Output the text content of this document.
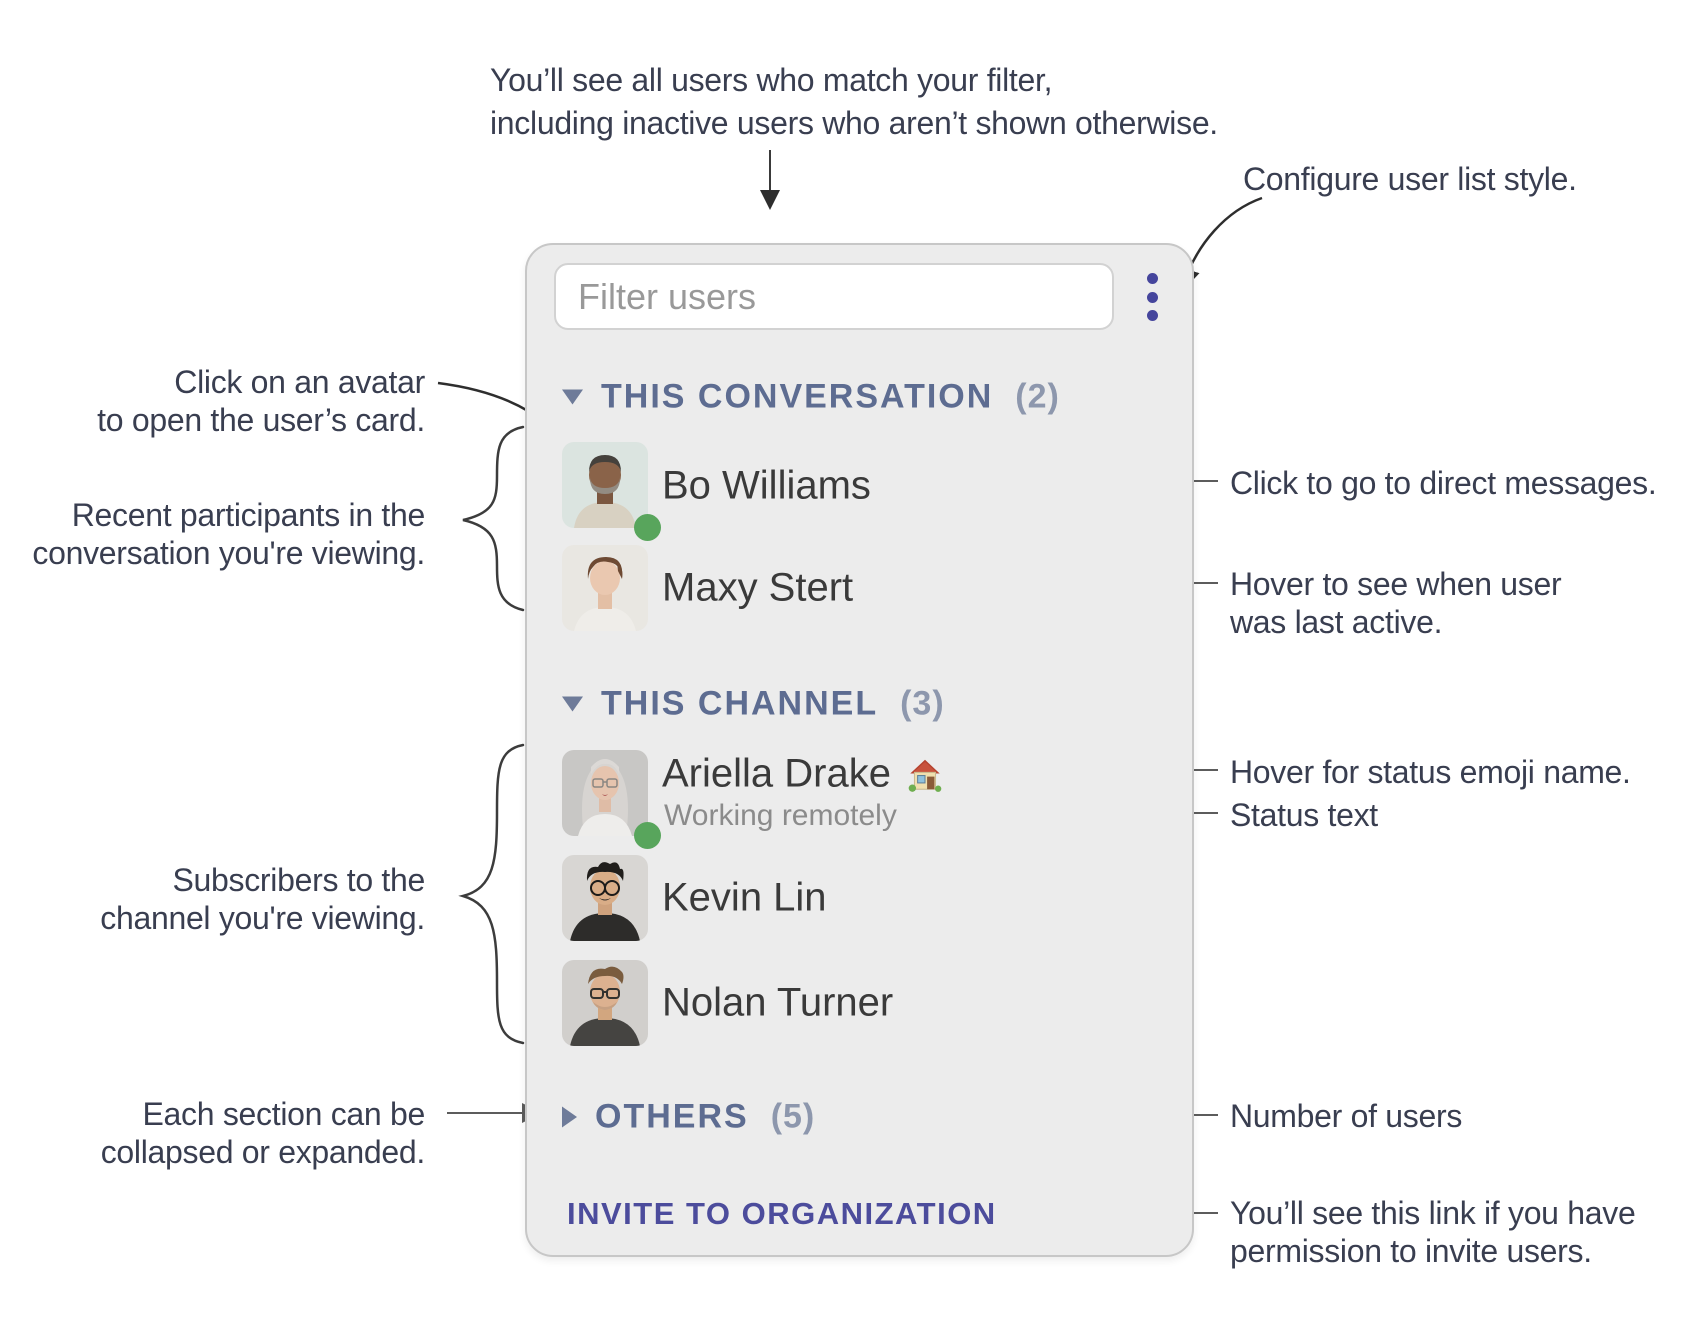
You’ll see all users who match your filter,
including inactive users who aren’t shown otherwise.
Configure user list style.
Click on an avatar
to open the user’s card.
Recent participants in the
conversation you're viewing.
Subscribers to the
channel you're viewing.
Each section can be
collapsed or expanded.
Click to go to direct messages.
Hover to see when user
was last active.
Hover for status emoji name.
Status text
Number of users
You’ll see this link if you have
permission to invite users.
Filter users
THIS CONVERSATION (2)
Bo Williams
Maxy Stert
THIS CHANNEL (3)
Ariella Drake
Working remotely
Kevin Lin
Nolan Turner
OTHERS (5)
INVITE TO ORGANIZATION
